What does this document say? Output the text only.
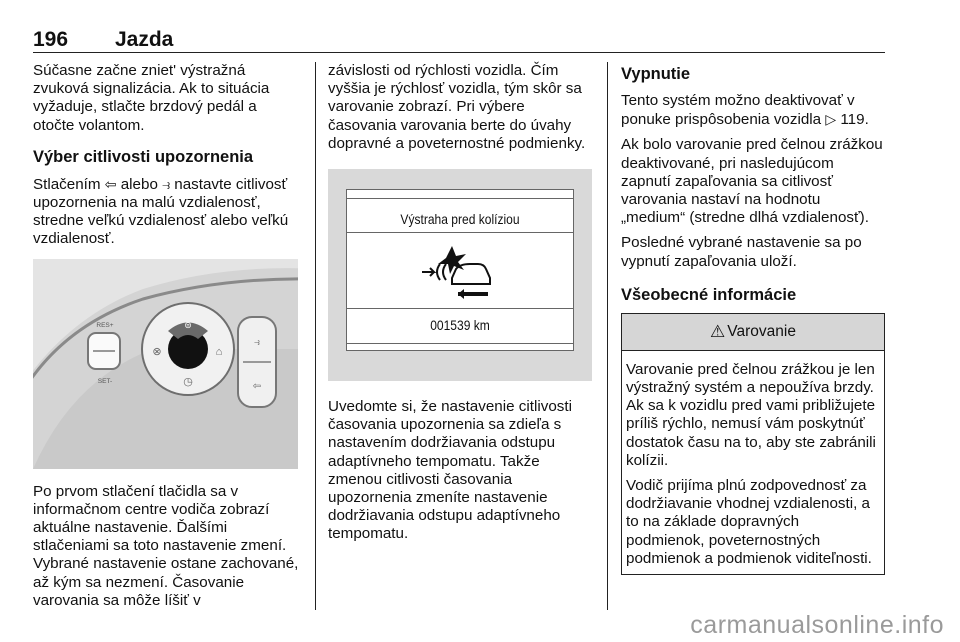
196 Jazda

Súčasne začne zniet' výstražná zvuková signalizácia. Ak to situácia vyžaduje, stlačte brzdový pedál a otočte volantom.

Výber citlivosti upozornenia

Stlačením ⇦ alebo ⥽ nastavte citlivosť upozornenia na malú vzdialenosť, stredne veľkú vzdialenosť alebo veľkú vzdialenosť.

RES+
SET-
⊜
⊗	⌂
◷
⥽
⇦

Po prvom stlačení tlačidla sa v informačnom centre vodiča zobrazí aktuálne nastavenie. Ďalšími stlačeniami sa toto nastavenie zmení. Vybrané nastavenie ostane zachované, až kým sa nezmení. Časovanie varovania sa môže líšiť v

závislosti od rýchlosti vozidla. Čím vyššia je rýchlosť vozidla, tým skôr sa varovanie zobrazí. Pri výbere časovania varovania berte do úvahy dopravné a poveternostné podmienky.

Výstraha pred kolíziou
001539 km

Uvedomte si, že nastavenie citlivosti časovania upozornenia sa zdieľa s nastavením dodržiavania odstupu adaptívneho tempomatu. Takže zmenou citlivosti časovania upozornenia zmeníte nastavenie dodržiavania odstupu adaptívneho tempomatu.

Vypnutie

Tento systém možno deaktivovať v ponuke prispôsobenia vozidla ▷ 119.

Ak bolo varovanie pred čelnou zrážkou deaktivované, pri nasledujúcom zapnutí zapaľovania sa citlivosť varovania nastaví na hodnotu „medium“ (stredne dlhá vzdialenosť).

Posledné vybrané nastavenie sa po vypnutí zapaľovania uloží.

Všeobecné informácie
⚠ Varovanie

Varovanie pred čelnou zrážkou je len výstražný systém a nepoužíva brzdy. Ak sa k vozidlu pred vami približujete príliš rýchlo, nemusí vám poskytnúť dostatok času na to, aby ste zabránili kolízii.

Vodič prijíma plnú zodpovednosť za dodržiavanie vhodnej vzdialenosti, a to na základe dopravných podmienok, poveternostných podmienok a podmienok viditeľnosti.

carmanualsonline.info
